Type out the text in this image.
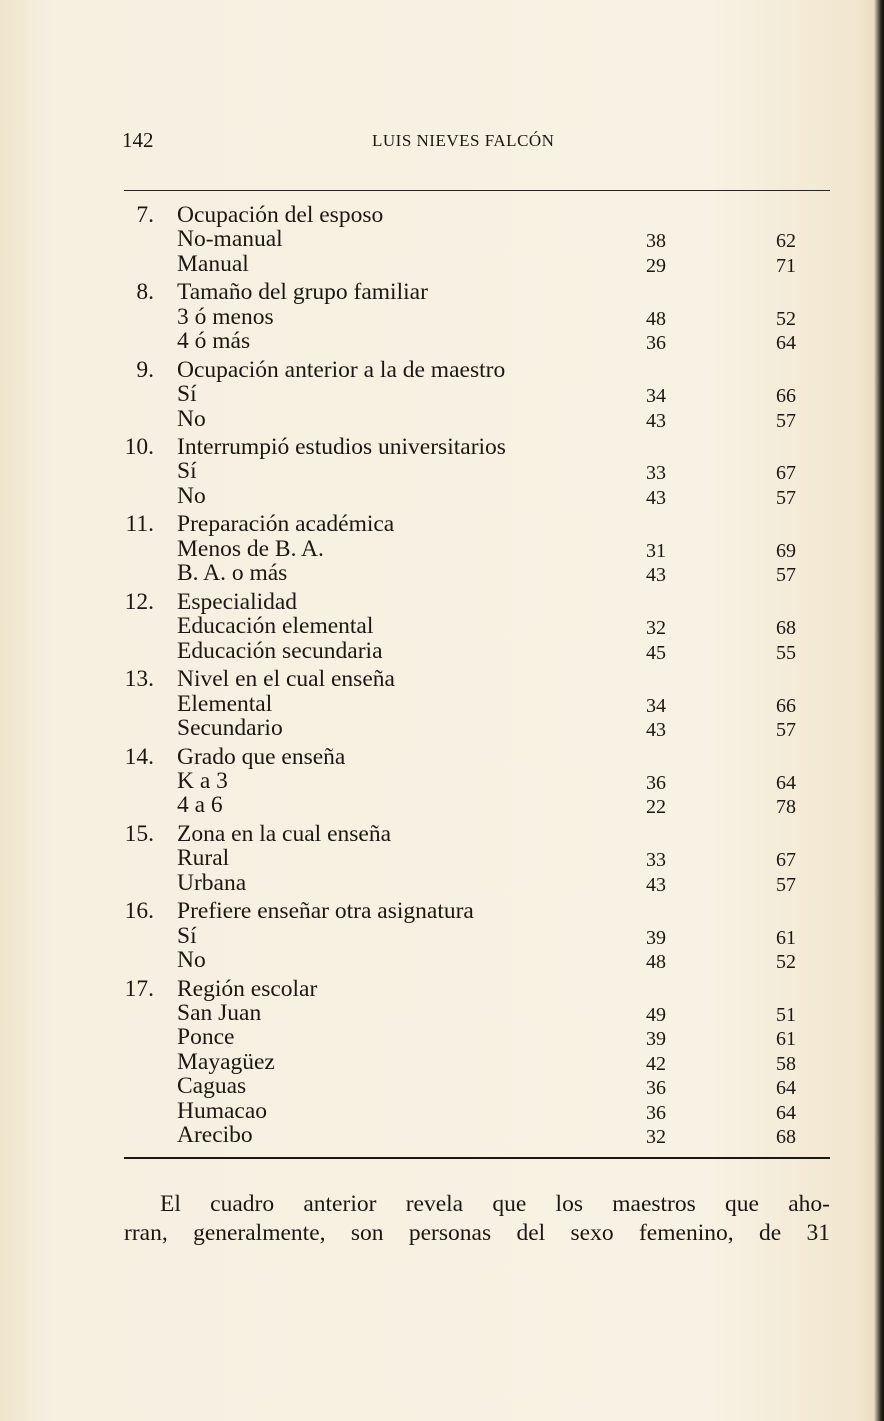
142	LUIS NIEVES FALCÓN
7. Ocupación del esposo
No-manual	38	62
Manual	29	71
8. Tamaño del grupo familiar
3 ó menos	48	52
4 ó más	36	64
9. Ocupación anterior a la de maestro
Sí	34	66
No	43	57
10. Interrumpió estudios universitarios
Sí	33	67
No	43	57
11. Preparación académica
Menos de B. A.	31	69
B. A. o más	43	57
12. Especialidad
Educación elemental	32	68
Educación secundaria	45	55
13. Nivel en el cual enseña
Elemental	34	66
Secundario	43	57
14. Grado que enseña
K a 3	36	64
4 a 6	22	78
15. Zona en la cual enseña
Rural	33	67
Urbana	43	57
16. Prefiere enseñar otra asignatura
Sí	39	61
No	48	52
17. Región escolar
San Juan	49	51
Ponce	39	61
Mayagüez	42	58
Caguas	36	64
Humacao	36	64
Arecibo	32	68
El cuadro anterior revela que los maestros que aho-
rran, generalmente, son personas del sexo femenino, de 31
